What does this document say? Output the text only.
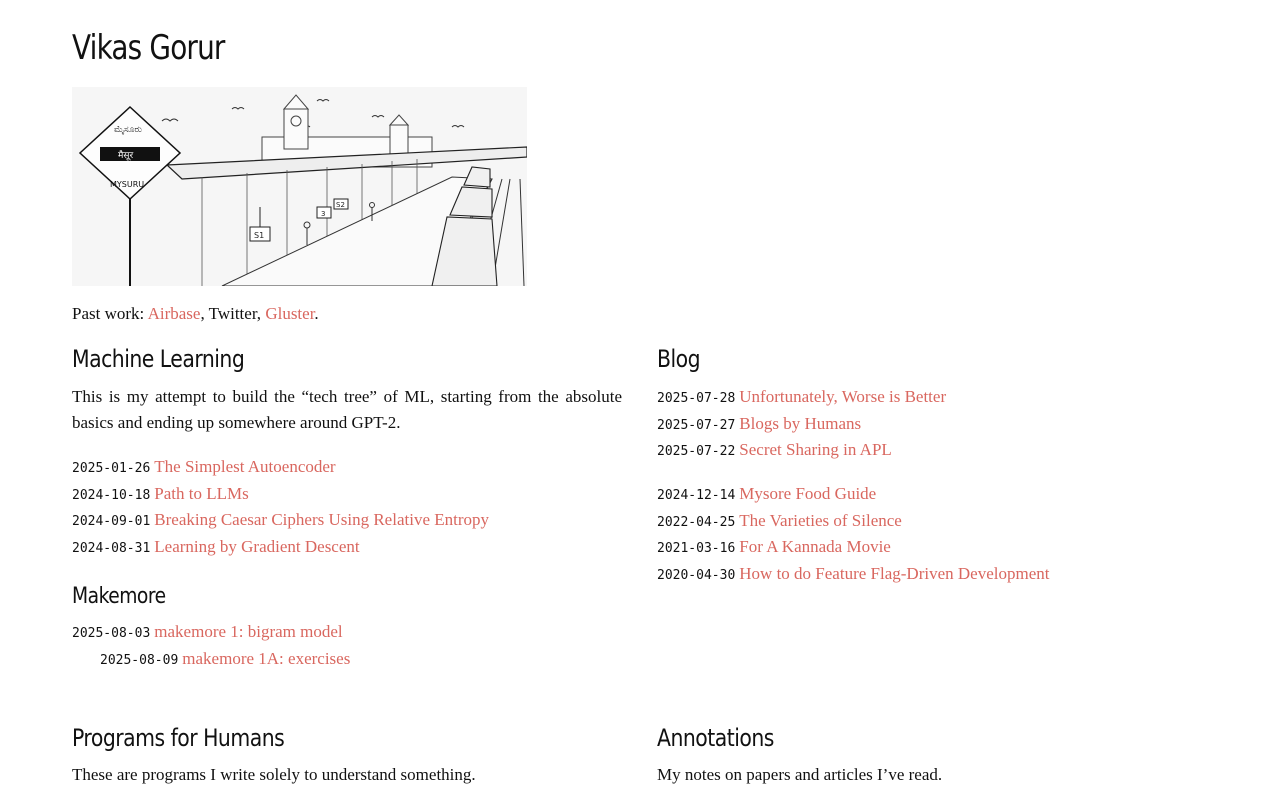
Vikas Gorur
S1
3
S2
ಮೈಸೂರು
मैसूर
MYSURU
Past work: Airbase, Twitter, Gluster.
Machine Learning
This is my attempt to build the “tech tree” of ML, starting from the absolute basics and ending up somewhere around GPT-2.
2025-01-26 The Simplest Autoencoder
2024-10-18 Path to LLMs
2024-09-01 Breaking Caesar Ciphers Using Relative Entropy
2024-08-31 Learning by Gradient Descent
Makemore
2025-08-03 makemore 1: bigram model
2025-08-09 makemore 1A: exercises
Blog
2025-07-28 Unfortunately, Worse is Better
2025-07-27 Blogs by Humans
2025-07-22 Secret Sharing in APL
2024-12-14 Mysore Food Guide
2022-04-25 The Varieties of Silence
2021-03-16 For A Kannada Movie
2020-04-30 How to do Feature Flag-Driven Development
Programs for Humans
These are programs I write solely to understand something.
Annotations
My notes on papers and articles I’ve read.
